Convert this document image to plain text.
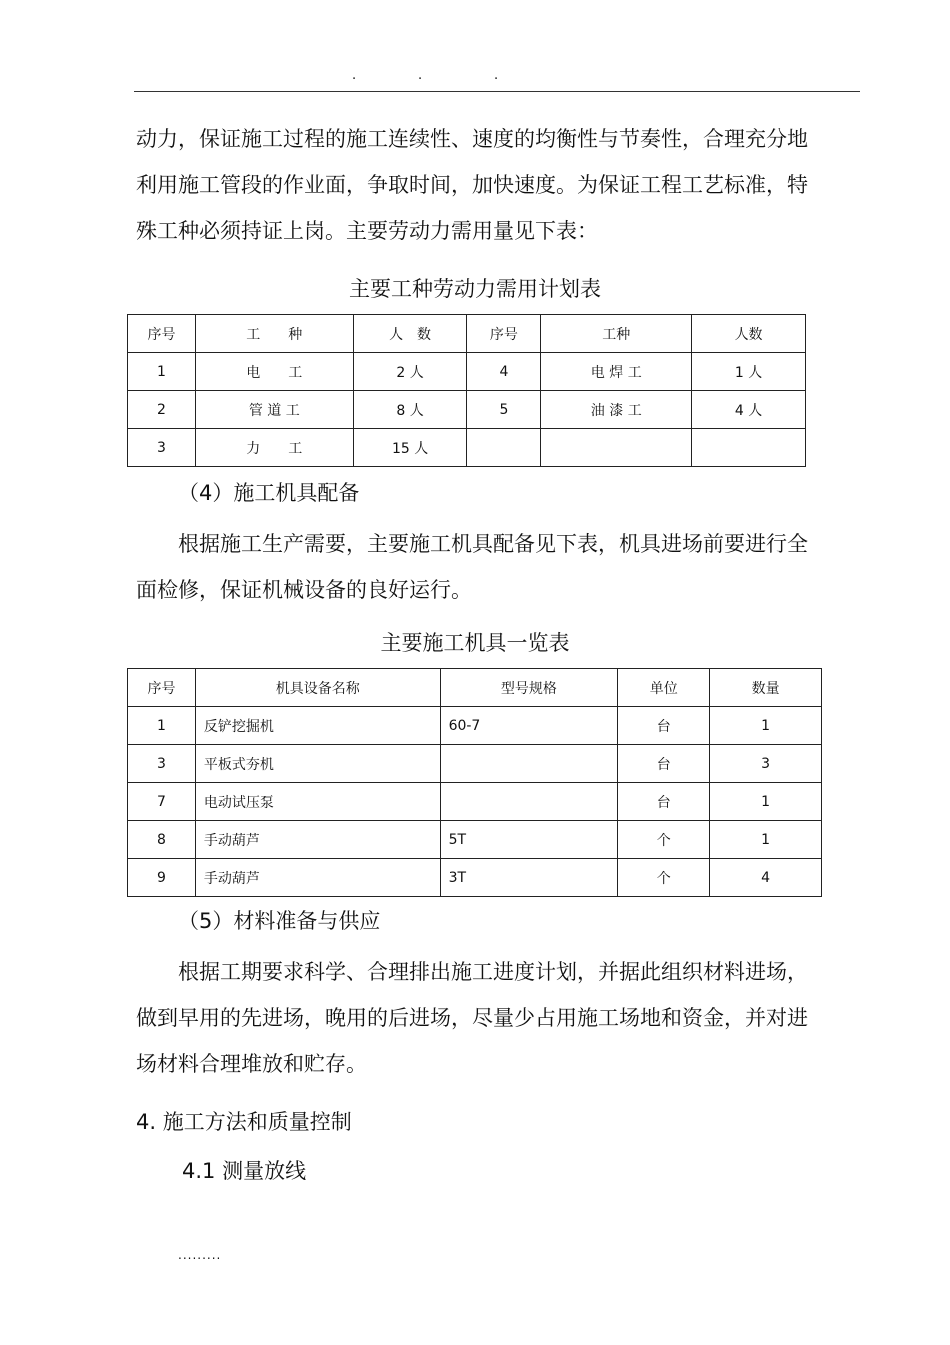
.	.	.

动力，保证施工过程的施工连续性、速度的均衡性与节奏性，合理充分地
利用施工管段的作业面，争取时间，加快速度。为保证工程工艺标准，特
殊工种必须持证上岗。主要劳动力需用量见下表：

主要工种劳动力需用计划表

序号	工　　种	人　数	序号	工种	人数
1	电　　工	2 人	4	电 焊 工	1 人
2	管 道 工	8 人	5	油 漆 工	4 人
3	力　　工	15 人			

（4）施工机具配备

根据施工生产需要，主要施工机具配备见下表，机具进场前要进行全
面检修，保证机械设备的良好运行。

主要施工机具一览表

序号	机具设备名称	型号规格	单位	数量
1	反铲挖掘机	60-7	台	1
3	平板式夯机		台	3
7	电动试压泵		台	1
8	手动葫芦	5T	个	1
9	手动葫芦	3T	个	4

（5）材料准备与供应

根据工期要求科学、合理排出施工进度计划，并据此组织材料进场，
做到早用的先进场，晚用的后进场，尽量少占用施工场地和资金，并对进
场材料合理堆放和贮存。

4. 施工方法和质量控制

4.1 测量放线

.........
